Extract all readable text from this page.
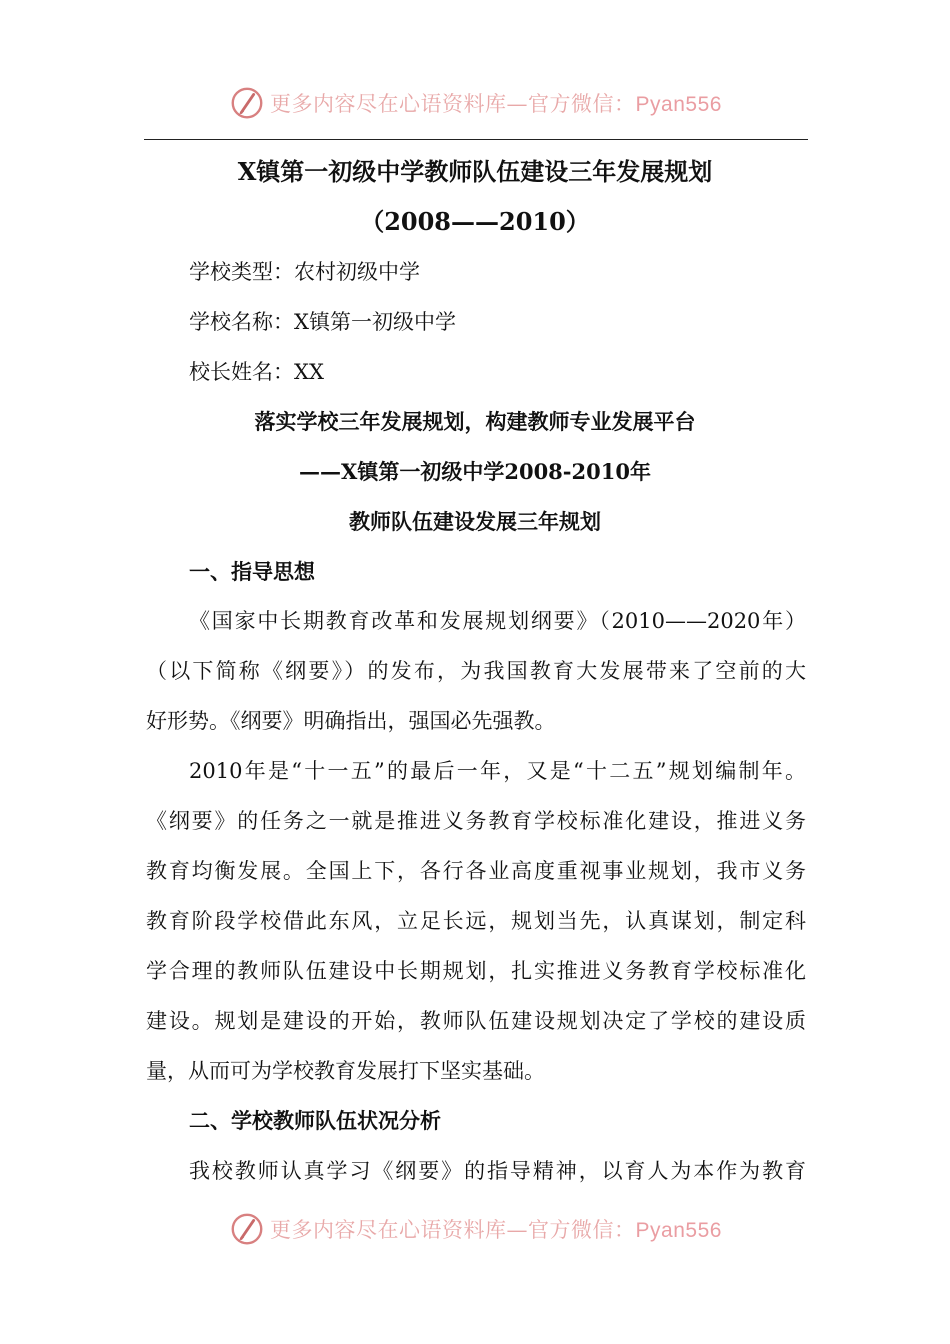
更多内容尽在心语资料库—官方微信：Pyan556
X镇第一初级中学教师队伍建设三年发展规划
（2008——2010）
学校类型：农村初级中学
学校名称：X镇第一初级中学
校长姓名：XX
落实学校三年发展规划，构建教师专业发展平台
——X镇第一初级中学2008-2010年
教师队伍建设发展三年规划
一、指导思想
《国家中长期教育改革和发展规划纲要》（2010——2020年）
（以下简称《纲要》）的发布，为我国教育大发展带来了空前的大
好形势。《纲要》明确指出，强国必先强教。
2010年是“十一五”的最后一年，又是“十二五”规划编制年。
《纲要》的任务之一就是推进义务教育学校标准化建设，推进义务
教育均衡发展。全国上下，各行各业高度重视事业规划，我市义务
教育阶段学校借此东风，立足长远，规划当先，认真谋划，制定科
学合理的教师队伍建设中长期规划，扎实推进义务教育学校标准化
建设。规划是建设的开始，教师队伍建设规划决定了学校的建设质
量，从而可为学校教育发展打下坚实基础。
二、学校教师队伍状况分析
我校教师认真学习《纲要》的指导精神，以育人为本作为教育
更多内容尽在心语资料库—官方微信：Pyan556
